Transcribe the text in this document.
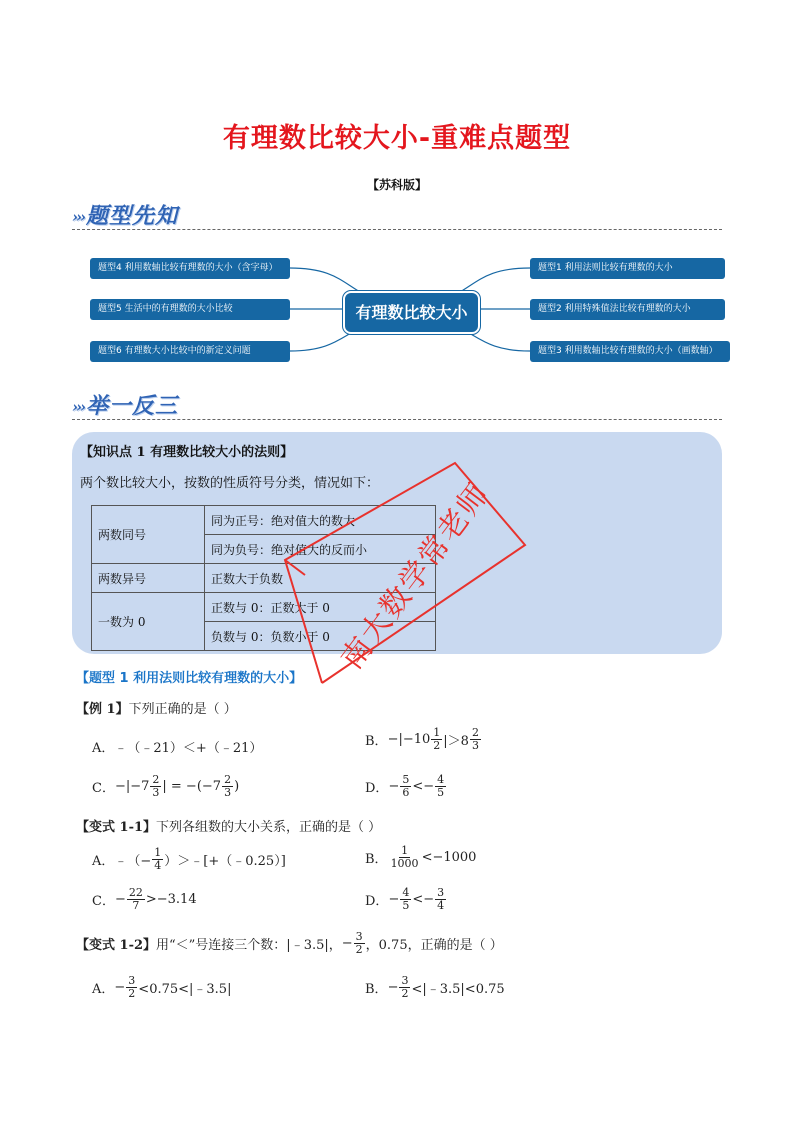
有理数比较大小-重难点题型
【苏科版】
›››题型先知
题型4 利用数轴比较有理数的大小（含字母）
题型5 生活中的有理数的大小比较
题型6 有理数大小比较中的新定义问题
有理数比较大小
题型1 利用法则比较有理数的大小
题型2 利用特殊值法比较有理数的大小
题型3 利用数轴比较有理数的大小（画数轴）
›››举一反三
【知识点 1 有理数比较大小的法则】
两个数比较大小，按数的性质符号分类，情况如下：
两数同号	同为正号：绝对值大的数大
	同为负号：绝对值大的反而小
两数异号	正数大于负数
一数为 0	正数与 0：正数大于 0
	负数与 0：负数小于 0 南大数学常老师
【题型 1 利用法则比较有理数的大小】
【例 1】下列正确的是（ ）
A． ﹣（﹣21）＜+（﹣21）	B． $-|-10 \frac{1}{2} |>8 \frac{2}{3}$
C． $-|-7 \frac{2}{3}$ | = $-(-7 \frac{2}{3}$ )	D． − $\frac{5}{6} <- \frac{4}{5}$
【变式 1-1】下列各组数的大小关系，正确的是（ ）
A． ﹣（− $\frac{1}{4}$ ）＞﹣[+（﹣0.25）]	B． $\frac{1}{1000} <-1000$
C． − $\frac{22}{7} >-3.14$	D． − $\frac{4}{5} <- \frac{3}{4}$
【变式 1-2】 用“＜”号连接三个数：|﹣3.5|， − $\frac{3}{2}$ ，0.75，正确的是（ ）
A． − $\frac{3}{2}$ <0.75<|﹣3.5|	B． − $\frac{3}{2}$ <|﹣3.5|<0.75
